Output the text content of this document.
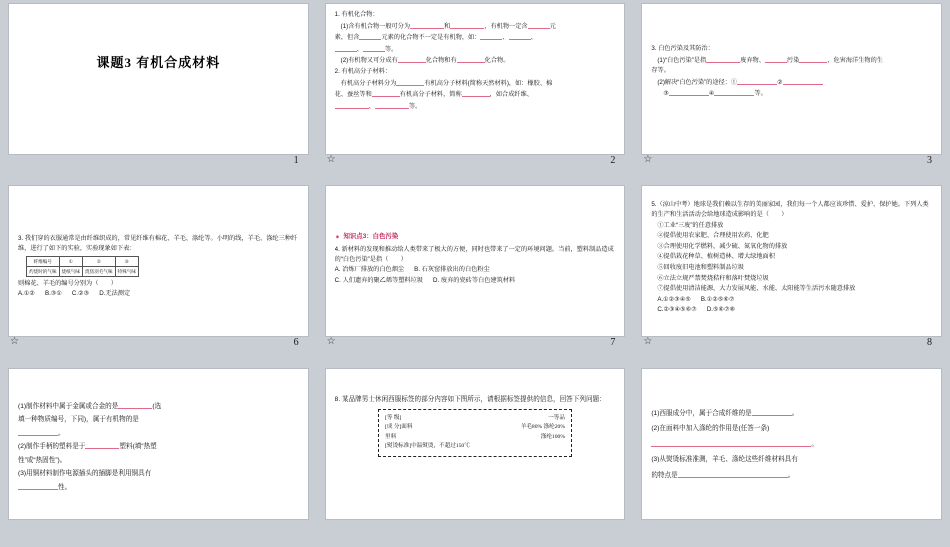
课题3 有机合成材料
1
1. 有机化合物：
(1)含有机合物一般可分为	和	，有机物一定含	元
素，但含	元素的化合物不一定是有机物，如：	、	、
、	等。
(2)有机物又可分成有	化合物和有	化合物。
2. 有机高分子材料：
有机高分子材料分为	有机高分子材料(简称天然材料)，如：橡胶、棉
花、蚕丝等和	有机高分子材料，简称	，如合成纤维、
、	等。
☆	2
3. 白色污染及其防治：
(1)“白色污染”是指	废弃物、	污染	，危害海洋生物的生
存等。
(2)解决“白色污染”的途径：①	②
③	④	等。
☆	3
3. 我们穿的衣服通常是由纤维织成的，常见纤维有棉花、羊毛、涤纶等。小明的线，羊毛、涤纶三种纤维，进行了如下的实验，实验现象如下表：
纤维编号	①	②	③
灼烧时的气味	烧纸气味	烧焦羽毛气味	特殊气味
则棉花、羊毛的编号分别为（　　）
A.①② B.③① C.②③ D.无法测定
☆	6
➧ 知识点3：白色污染
4. 新材料的发现和推动给人类带来了极大的方便，同时也带来了一定的环境问题。当前，塑料制品造成的“白色污染”是指（　　）
A. 冶炼厂排放的白色烟尘 B. 石灰窑排放出的白色粉尘
C. 人们遗弃的聚乙烯等塑料垃圾 D. 废弃的瓷砖等白色建筑材料
☆	7
5.（涼山中考）地球是我们赖以生存的美丽家园，我们每一个人都应该珍惜、爱护、保护她。下列人类的生产和生活活动会给地球造成影响的是（　　）
①工业“三废”的任意排放
②提倡使用农家肥、合理使用农药、化肥
③合理使用化学燃料，减少硫、氮氧化物的排放
④提倡栽花种草、植树造林、增大绿地面积
⑤回收废旧电池和塑料制品垃圾
⑥立法立规严禁焚烧秸秆和落叶焚烧垃圾
⑦提倡使用清洁能源，大力发展风能、水能、太阳能等生活污水随意排放
A.①②③④⑤ B.①②⑤⑥⑦
C.②③④⑤⑥⑦ D.⑤⑥⑦⑧
☆	8
(1)制作材料中属于金属或合金的是	(选
填一种物质编号，下同)，属于有机物的是
。
(2)制作手柄的塑料是于	塑料(填“热塑
性”或“热固性”)。
(3)用铜材料制作电源插头的插脚是利用铜具有
性。
8. 某品牌男士休闲西服标签的部分内容如下图所示，请根据标签提供的信息，回答下列问题：
[等 级]	一等品
[成 分]面料	羊毛80% 涤纶20%
里料	涤纶100%
[熨烫标准]中温熨烫，不超过150℃
(1)西服成分中，属于合成纤维的是	。
(2)在面料中加入涤纶的作用是(任答一条)
。
(3)从熨烫标准准测，羊毛、涤纶这些纤维材料具有
的特点是	。
